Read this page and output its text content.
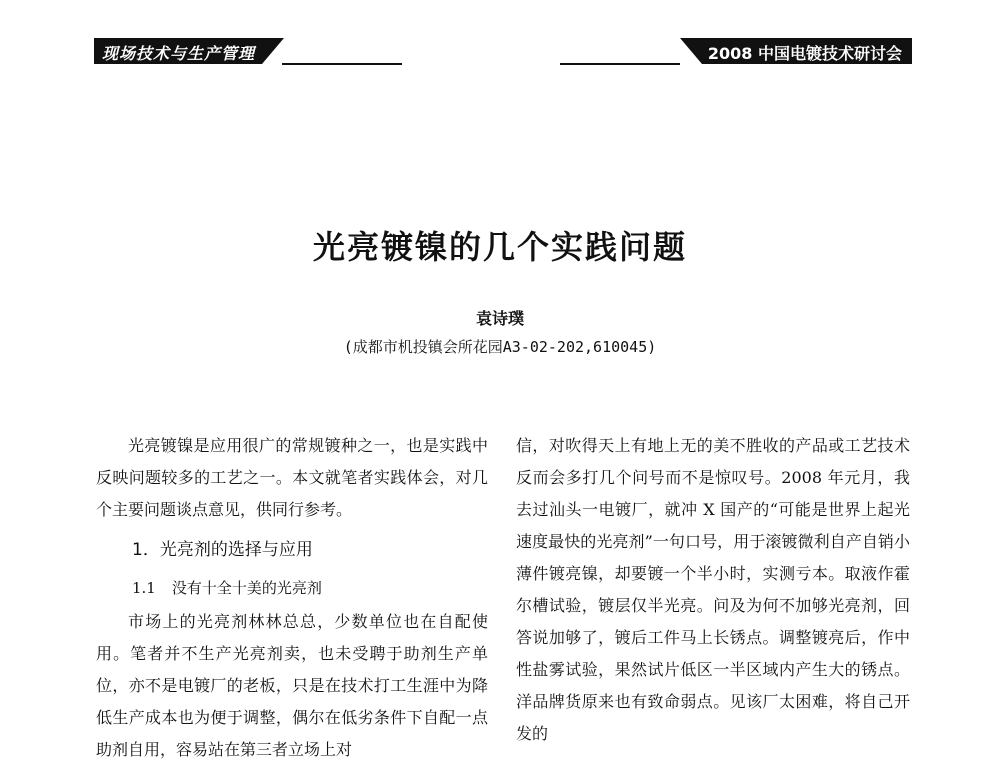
现场技术与生产管理	2008 中国电镀技术研讨会
光亮镀镍的几个实践问题
袁诗璞
(成都市机投镇会所花园A3-02-202,610045)

光亮镀镍是应用很广的常规镀种之一，也是实践中反映问题较多的工艺之一。本文就笔者实践体会，对几个主要问题谈点意见，供同行参考。

1．光亮剂的选择与应用
1.1 没有十全十美的光亮剂

市场上的光亮剂林林总总，少数单位也在自配使用。笔者并不生产光亮剂卖，也未受聘于助剂生产单位，亦不是电镀厂的老板，只是在技术打工生涯中为降低生产成本也为便于调整，偶尔在低劣条件下自配一点助剂自用，容易站在第三者立场上对

信，对吹得天上有地上无的美不胜收的产品或工艺技术反而会多打几个问号而不是惊叹号。2008 年元月，我去过汕头一电镀厂，就冲 X 国产的“可能是世界上起光速度最快的光亮剂”一句口号，用于滚镀微利自产自销小薄件镀亮镍，却要镀一个半小时，实测亏本。取液作霍尔槽试验，镀层仅半光亮。问及为何不加够光亮剂，回答说加够了，镀后工件马上长锈点。调整镀亮后，作中性盐雾试验，果然试片低区一半区域内产生大的锈点。洋品牌货原来也有致命弱点。见该厂太困难，将自己开发的
